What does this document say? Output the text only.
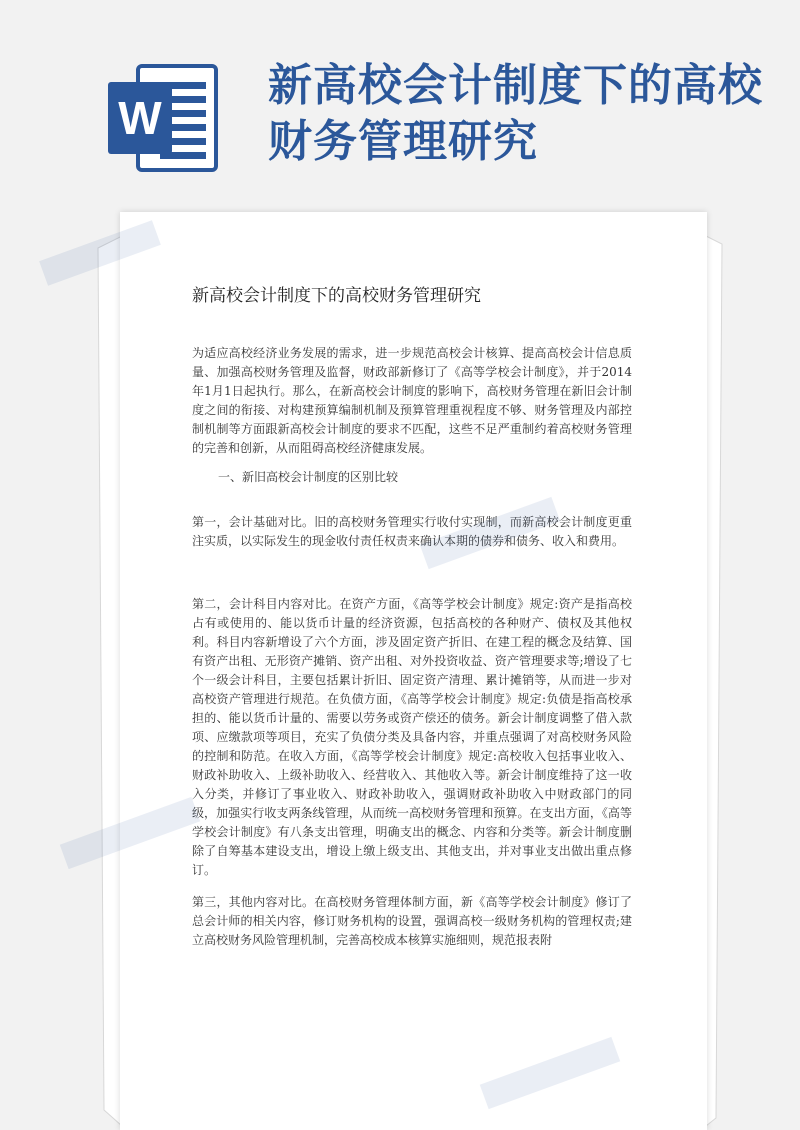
W
新高校会计制度下的高校财务管理研究
新高校会计制度下的高校财务管理研究
为适应高校经济业务发展的需求，进一步规范高校会计核算、提高高校会计信息质量、加强高校财务管理及监督，财政部新修订了《高等学校会计制度》，并于2014年1月1日起执行。那么，在新高校会计制度的影响下，高校财务管理在新旧会计制度之间的衔接、对构建预算编制机制及预算管理重视程度不够、财务管理及内部控制机制等方面跟新高校会计制度的要求不匹配，这些不足严重制约着高校财务管理的完善和创新，从而阻碍高校经济健康发展。
一、新旧高校会计制度的区别比较
第一，会计基础对比。旧的高校财务管理实行收付实现制，而新高校会计制度更重注实质，以实际发生的现金收付责任权责来确认本期的债券和债务、收入和费用。
第二，会计科目内容对比。在资产方面，《高等学校会计制度》规定:资产是指高校占有或使用的、能以货币计量的经济资源，包括高校的各种财产、债权及其他权利。科目内容新增设了六个方面，涉及固定资产折旧、在建工程的概念及结算、国有资产出租、无形资产摊销、资产出租、对外投资收益、资产管理要求等;增设了七个一级会计科目，主要包括累计折旧、固定资产清理、累计摊销等，从而进一步对高校资产管理进行规范。在负债方面，《高等学校会计制度》规定:负债是指高校承担的、能以货币计量的、需要以劳务或资产偿还的债务。新会计制度调整了借入款项、应缴款项等项目，充实了负债分类及具备内容，并重点强调了对高校财务风险的控制和防范。在收入方面，《高等学校会计制度》规定:高校收入包括事业收入、财政补助收入、上级补助收入、经营收入、其他收入等。新会计制度维持了这一收入分类，并修订了事业收入、财政补助收入，强调财政补助收入中财政部门的同级，加强实行收支两条线管理，从而统一高校财务管理和预算。在支出方面，《高等学校会计制度》有八条支出管理，明确支出的概念、内容和分类等。新会计制度删除了自筹基本建设支出，增设上缴上级支出、其他支出，并对事业支出做出重点修订。
第三，其他内容对比。在高校财务管理体制方面，新《高等学校会计制度》修订了总会计师的相关内容，修订财务机构的设置，强调高校一级财务机构的管理权责;建立高校财务风险管理机制，完善高校成本核算实施细则，规范报表附
